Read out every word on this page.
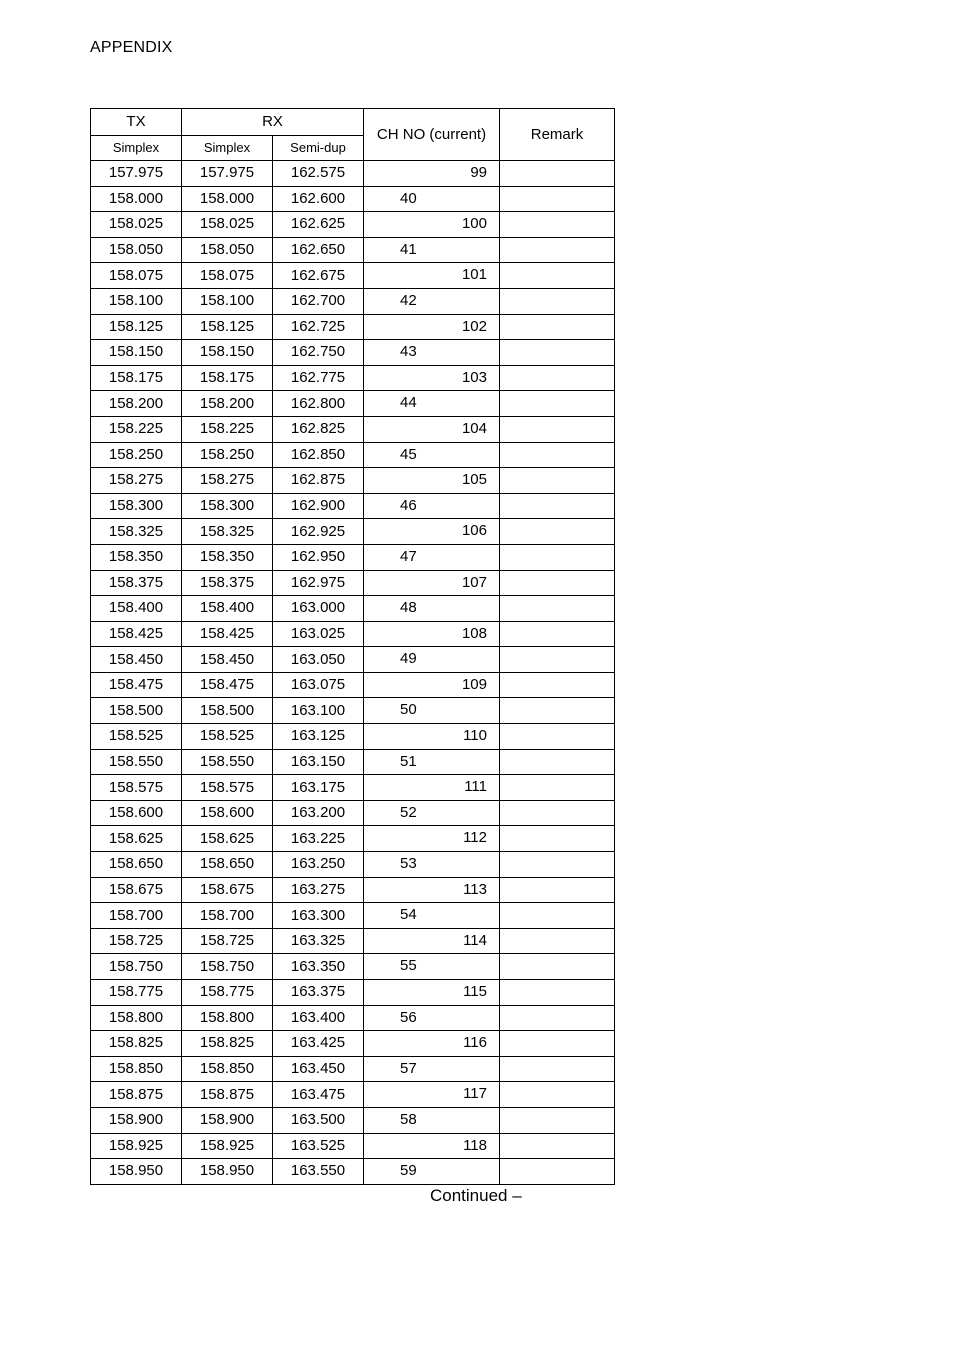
APPENDIX
TX	RX		CH NO (current)	Remark
Simplex	Simplex	Semi-dup		
157.975	157.975	162.575	99	

158.000	158.000	162.600	40	

158.025	158.025	162.625	100	

158.050	158.050	162.650	41	

158.075	158.075	162.675	101	

158.100	158.100	162.700	42	

158.125	158.125	162.725	102	

158.150	158.150	162.750	43	

158.175	158.175	162.775	103	

158.200	158.200	162.800	44	

158.225	158.225	162.825	104	

158.250	158.250	162.850	45	

158.275	158.275	162.875	105	

158.300	158.300	162.900	46	

158.325	158.325	162.925	106	

158.350	158.350	162.950	47	

158.375	158.375	162.975	107	

158.400	158.400	163.000	48	

158.425	158.425	163.025	108	

158.450	158.450	163.050	49	

158.475	158.475	163.075	109	

158.500	158.500	163.100	50	

158.525	158.525	163.125	110	

158.550	158.550	163.150	51	

158.575	158.575	163.175	111	

158.600	158.600	163.200	52	

158.625	158.625	163.225	112	

158.650	158.650	163.250	53	

158.675	158.675	163.275	113	

158.700	158.700	163.300	54	

158.725	158.725	163.325	114	

158.750	158.750	163.350	55	

158.775	158.775	163.375	115	

158.800	158.800	163.400	56	

158.825	158.825	163.425	116	

158.850	158.850	163.450	57	

158.875	158.875	163.475	117	

158.900	158.900	163.500	58	

158.925	158.925	163.525	118	

158.950	158.950	163.550	59	

Continued –
